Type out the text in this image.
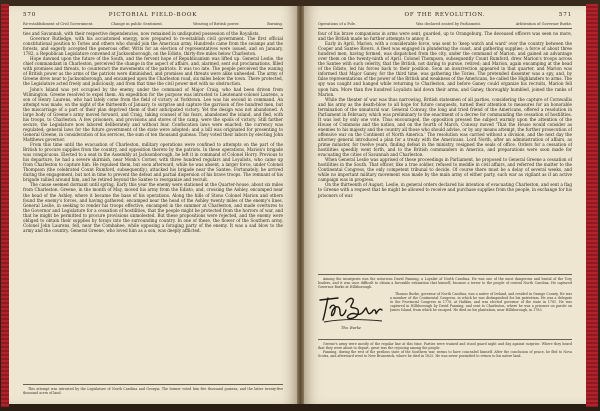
570	PICTORIAL FIELD-BOOK
Re-establishment of Civil Government.	Change in public Sentiment.	Wearing of British power.	Burning.

ties and Savannah, with their respective dependencies, now remained in undisputed possession of the Royalists.

Governor Rutledge, with his accustomed energy, now prepared to re-establish civil government. The first official constitutional position to Tories and others who should join the American army. Hundreds came from the swamps and the forests, and eagerly accepted the generous offer. Writs for an election of representatives were issued, and on January, 1782, a Republican Legislature convened at Jacksonborough, on the Edisto, thirty-five miles below Charleston.

Hope dawned upon the future of the South, and the fervent hope of Republicanism was lifted up. General Leslie, the chief commandant in Charleston, perceived the change in the aspect of affairs, and, alarmed, sent out proclamations, filled with promises and threats, to counteract the movements of the patriots. It was too late. The people perceived the waning of British power as the arms of the patriots were diminished, and promises and threats were alike unheeded. The army of Greene drew near to Jacksonborough, and encamped upon the Charleston road, six miles below the town. There protected, the Legislature acted freely and judiciously, and from that time the civil power met with no obstruction.

John's Island was yet occupied by the enemy, under the command of Major Craig, who had been driven from Wilmington. Greene resolved to expel them. An expedition for the purpose was intrusted to Lieutenant-colonel Laurens, a son of Henry Laurens, who had lately come from the field of victory at Yorktown. Lee was his second in command. An attempt was made, on the night of the thirteenth of January, to surprise and capture the garrison of five hundred men, but the miscarriage of a part of their plan deprived them of their anticipated victory. Yet the design was not abandoned. A large body of Greene's army moved forward, and Craig, taking counsel of his fears, abandoned the island, and fled, with his troops, to Charleston. A few prisoners, and provisions and stores of the camp, were the spoils of victory. Still farther secure, the Legislature now labored deliberately and without fear. Confiscation laws were enacted; the currency was regulated; general laws for the future government of the state were adopted; and a bill was originated for presenting to General Greene, in consideration of his services, the sum of ten thousand guineas. They voted their labors by electing John Matthews governor.

From this time until the evacuation of Charleston, military operations were confined to attempts on the part of the British to procure supplies from the country, and opposition thereto by the patriots. In these operations, Marion's brigade was conspicuous. Elected to a seat in the Assembly at Jacksonborough, he left it in command of Colonel Horry. Previous to his departure, he had a severe skirmish, near Monk's Corner, with three hundred regulars and Loyalists, who came up from Charleston to capture him. He repulsed them, but soon afterward, while he was absent, a larger force, under Colonel Thompson (the celebrated Count Rumford, subsequently), attacked his brigade near the Santee. Fortunately, he arrived during the engagement, but not in time to prevent the defeat and partial dispersion of his brave troops. The remnant of his brigade rallied around him, and he retired beyond the Santee to reorganize and recruit.

The cause seemed dormant until spring. Early this year the enemy were stationed at the Quarter-house, about six miles from Charleston. Greene, in the month of May, moved his army from the Edisto, and, crossing the Ashley, encamped near the head of the Ashley, where it became the base of his operations. Along the hills of Stono Colonel Marion and others found the enemy's forces, and having gathered, encamped near the head of the Ashley twenty miles of the enemy's lines. General Leslie, in seeking to render his troops effective, encamped in the summer at Charleston, and made overtures to the Governor and Legislature for a cessation of hostilities, that the people might be protected from the horrors of war, and that he might be permitted to procure provisions unmolested. But these propositions were rejected, and the enemy were obliged to obtain their supplies by forays into the surrounding country. In one of these, the flower of the Southern army, Colonel John Laurens, fell, near the Combahee, while opposing a foraging party of the enemy. It was a sad blow to the army and the country. General Greene, who loved him as a son, was deeply afflicted.

This attempt was intrusted by the Legislature of North Carolina and Georgia. The former voted him five thousand guineas, and the latter twenty-five thousand acres of land.

OF THE REVOLUTION.	571
Operations of a Pole.	Was declared seated by Parliament.	Arbitration of Governor Burke.

four of his brave companions in arms were sent, guarded, up to Orangeburg. The deceased officers was seen no more, and the British made no further attempts to annoy it.

Early in April, Marion, with a considerable force, was sent to 'keep watch and ward' over the country between the Cooper and Santee Rivers. A fleet was engaged in plundering the coast, and gathering supplies; a force of about three hundred men, having formed, was dispatched from the city, under the command of Marion, and gained an advantage over them on the twenty-ninth of April. Colonel Thompson, subsequently Count Rumford, drew Marion's troops across the Santee with such celerity, that the British, not daring to pursue, retired; and Marion, again encamping at the head of the Edisto, led his forces back to their position. Soon an insurrection appeared in that quarter, and Marion was informed that Major Ganey, for the third time, was gathering the Tories. The pretended dissenter was a spy, and, by false representations of the power of the British and weakness of the Americans, he called the Highlanders to arms. The spy was caught and hanged while returning to Charleston, and before Ganey could organize his recruits, Marion fell upon him. More than five hundred Loyalists laid down their arms, and Ganey, thoroughly humbled, joined the ranks of Marion.

While the theater of war was thus narrowing, British statesmen of all parties, considering the capture of Cornwallis and his army as the death-blow to all hope for future conquests, turned their attention to measures for an honorable termination of the unnatural war. General Conway, the long and tried friend of the Americans, offered a resolution in Parliament in February, which was preliminary to the enactment of a decree for commanding the cessation of hostilities. It was lost by only one vote. Thus encouraged, the opposition pressed the subject warmly upon the attention of the House of Commons and the nation, and on the fourth of March, Conway moved 'That the House would consider as enemies to his majesty and the country all those who should advise, or by any means attempt, the further prosecution of offensive war on the Continent of North America.' The resolution was carried without a division, and the next day the attorney general introduced a plan for a treaty with the Americans. Lord North, after an administration of affairs, as prime minister, for twelve years, finding defeat in the ministry, resigned the seals of office. Orders for a cessation of hostilities speedily went forth, and to the British commanders in America, and preparations were soon made for evacuating the cities of Savannah and Charleston.

When General Leslie was apprised of these proceedings in Parliament, he proposed to General Greene a cessation of hostilities in the South. That officer, like a true soldier, refused to meddle in civil affairs, and referred the matter to the Continental Congress, the only competent tribunal to decide. Of course there must be a delay of several weeks, and while no important military movement was made by the main army of either party, such war as vigilant as if an active campaign was in progress.

On the thirteenth of August, Leslie, in general orders declared his intention of evacuating Charleston, and sent a flag to Greene with a request that he might be allowed to receive and purchase supplies from the people, in exchange for his prisoners of war.

Among the insurgents was the notorious David Fanning, a Loyalist of North Carolina. He was one of the most dangerous and brutal of the Tory leaders, and it was once difficult to obtain a favorable estimation that himself, because a terror to the people of central North Carolina. He captured Governor Burke at Hillsborough.

Tho. Burke

Thomas Burke, governor of North Carolina, was a native of Ireland, and resided in Orange County. He was a member of the Continental Congress, in which he was distinguished for his patriotism. He was a delegate to the Provincial Congress in 1776, at Halifax, and was elected governor of the state in 1781. He was captured in Hillsborough by David Fanning, and sent to Charleston, where he was a prisoner on parole on James Island, from which he escaped. He died on his plantation, near Hillsborough, in 1783.

Greene's army were mostly of the regular line at this time. Parties were trained and stood guard night and day against surprise. Where they heard that they were about to depart, great was the rejoicing among the people.

Fanning, during the rest of the perilous state of the Southern war, seems to have concealed himself. After the conclusion of peace, he fled to Nova Scotia, and afterward went to New Brunswick, where he died in 1825. He was never permitted to return to his native land.
